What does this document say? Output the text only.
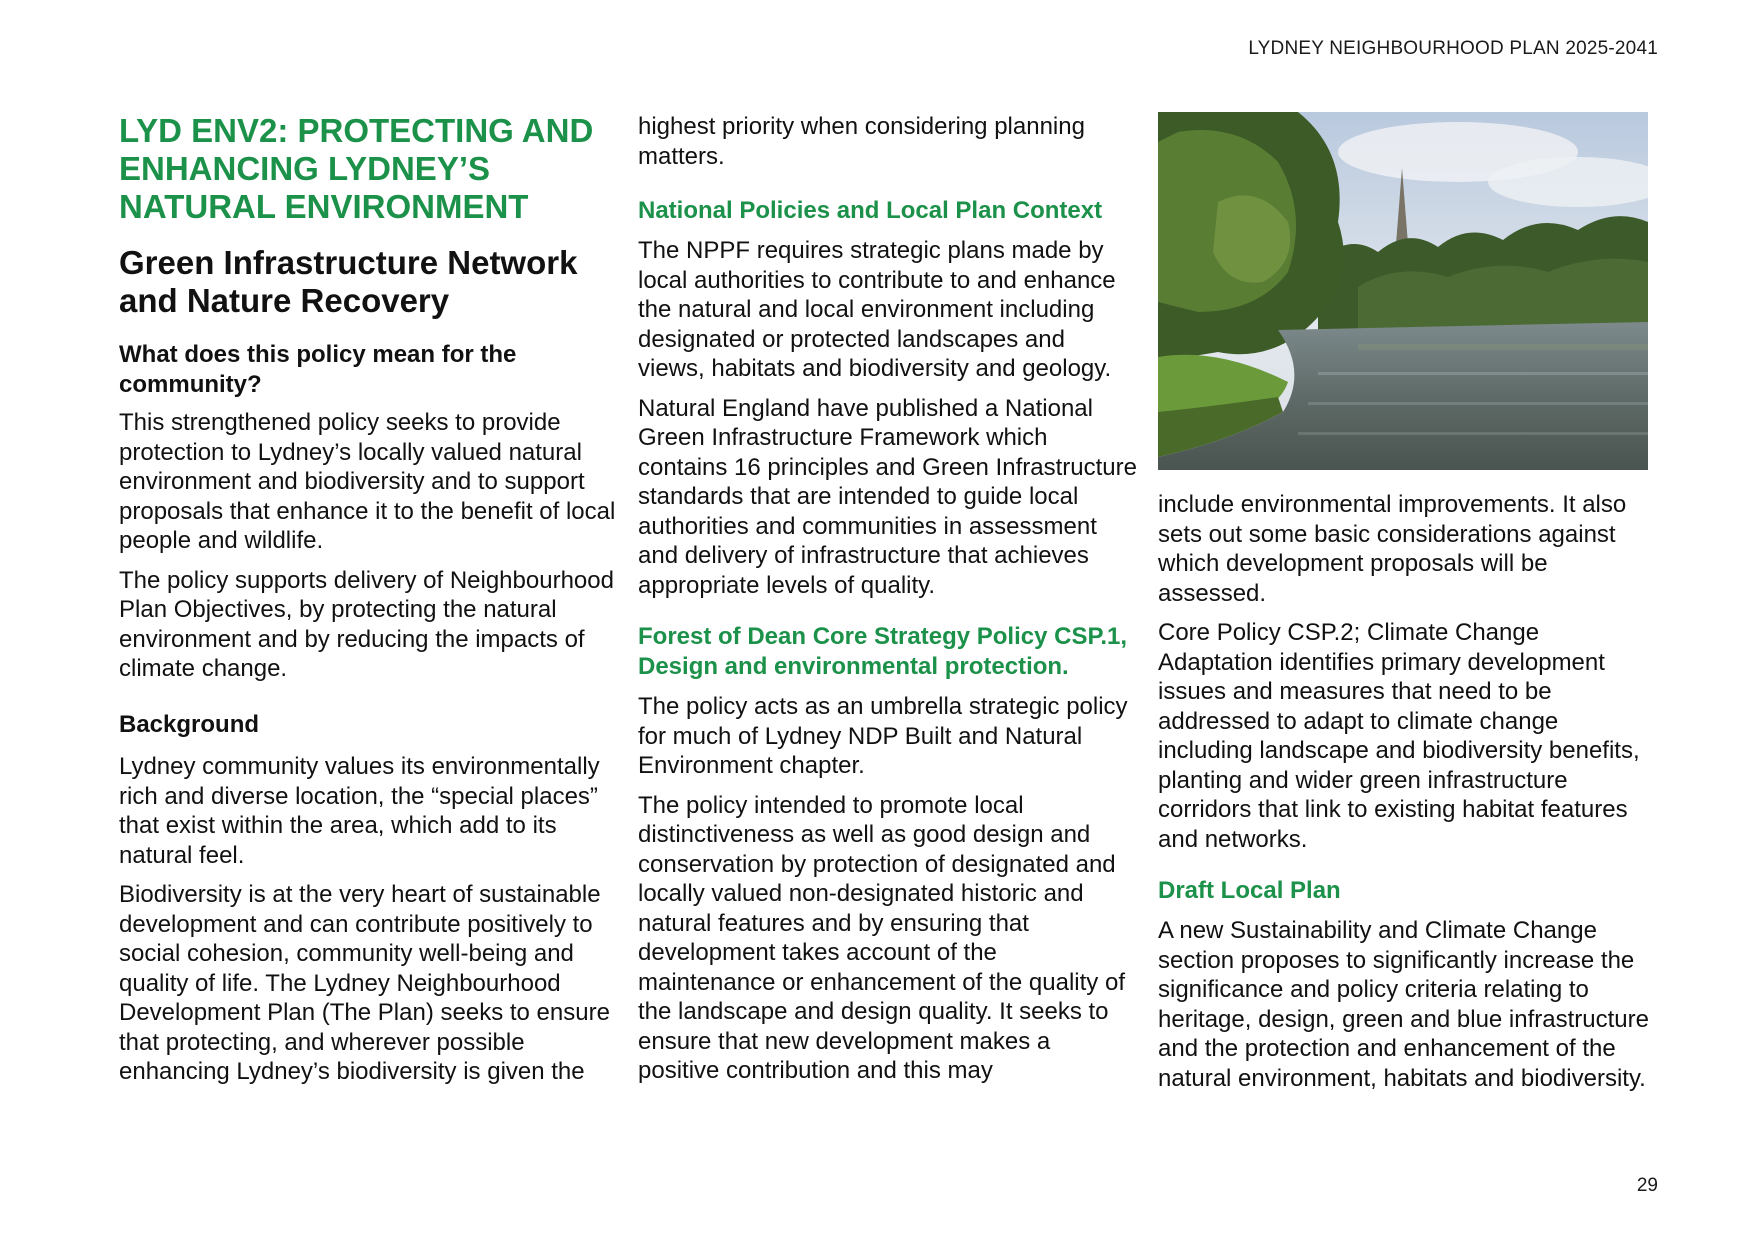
LYDNEY NEIGHBOURHOOD PLAN 2025-2041
LYD ENV2: PROTECTING AND ENHANCING LYDNEY’S NATURAL ENVIRONMENT
Green Infrastructure Network and Nature Recovery
What does this policy mean for the community?

This strengthened policy seeks to provide protection to Lydney’s locally valued natural environment and biodiversity and to support proposals that enhance it to the benefit of local people and wildlife.

The policy supports delivery of Neighbourhood Plan Objectives, by protecting the natural environment and by reducing the impacts of climate change.

Background

Lydney community values its environmentally rich and diverse location, the “special places” that exist within the area, which add to its natural feel.

Biodiversity is at the very heart of sustainable development and can contribute positively to social cohesion, community well-being and quality of life. The Lydney Neighbourhood Development Plan (The Plan) seeks to ensure that protecting, and wherever possible enhancing Lydney’s biodiversity is given the

highest priority when considering planning matters.

National Policies and Local Plan Context

The NPPF requires strategic plans made by local authorities to contribute to and enhance the natural and local environment including designated or protected landscapes and views, habitats and biodiversity and geology.

Natural England have published a National Green Infrastructure Framework which contains 16 principles and Green Infrastructure standards that are intended to guide local authorities and communities in assessment and delivery of infrastructure that achieves appropriate levels of quality.

Forest of Dean Core Strategy Policy CSP.1, Design and environmental protection.

The policy acts as an umbrella strategic policy for much of Lydney NDP Built and Natural Environment chapter.

The policy intended to promote local distinctiveness as well as good design and conservation by protection of designated and locally valued non-designated historic and natural features and by ensuring that development takes account of the maintenance or enhancement of the quality of the landscape and design quality. It seeks to ensure that new development makes a positive contribution and this may

include environmental improvements. It also sets out some basic considerations against which development proposals will be assessed.

Core Policy CSP.2; Climate Change Adaptation identifies primary development issues and measures that need to be addressed to adapt to climate change including landscape and biodiversity benefits, planting and wider green infrastructure corridors that link to existing habitat features and networks.

Draft Local Plan

A new Sustainability and Climate Change section proposes to significantly increase the significance and policy criteria relating to heritage, design, green and blue infrastructure and the protection and enhancement of the natural environment, habitats and biodiversity.

29
